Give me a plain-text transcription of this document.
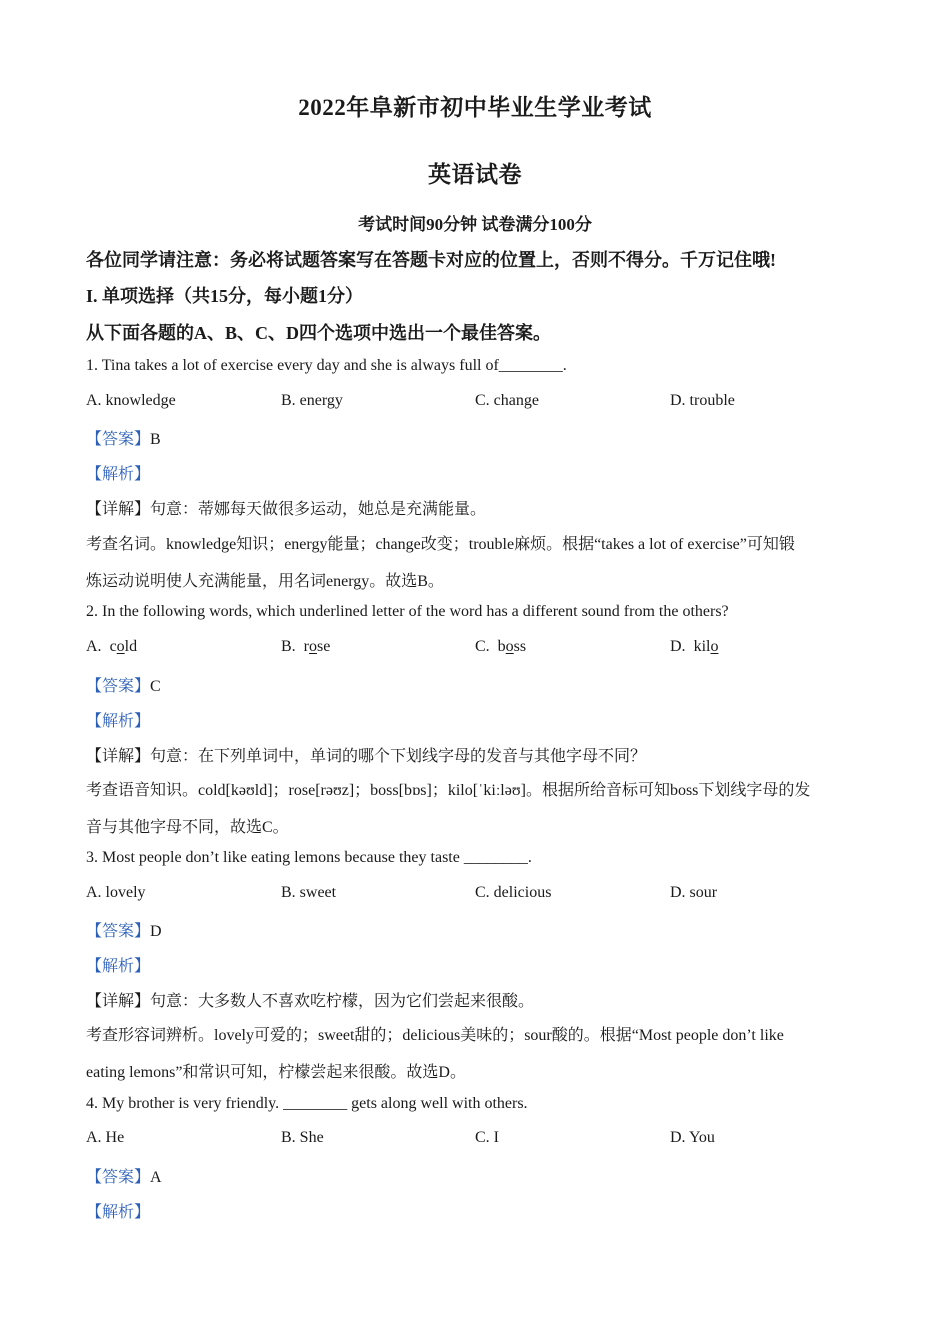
2022年阜新市初中毕业生学业考试
英语试卷
考试时间90分钟 试卷满分100分
各位同学请注意：务必将试题答案写在答题卡对应的位置上，否则不得分。千万记住哦!
I. 单项选择（共15分，每小题1分）
从下面各题的A、B、C、D四个选项中选出一个最佳答案。
1. Tina takes a lot of exercise every day and she is always full of________.
A. knowledge	B. energy	C. change	D. trouble
【答案】B
【解析】
【详解】句意：蒂娜每天做很多运动，她总是充满能量。
考查名词。knowledge知识；energy能量；change改变；trouble麻烦。根据“takes a lot of exercise”可知锻
炼运动说明使人充满能量，用名词energy。故选B。
2. In the following words, which underlined letter of the word has a different sound from the others?
A. cold	B. rose	C. boss	D. kilo
【答案】C
【解析】
【详解】句意：在下列单词中，单词的哪个下划线字母的发音与其他字母不同？
考查语音知识。cold[kəʊld]；rose[rəʊz]；boss[bɒs]；kilo[ˈkiːləʊ]。根据所给音标可知boss下划线字母的发
音与其他字母不同，故选C。
3. Most people don’t like eating lemons because they taste ________.
A. lovely	B. sweet	C. delicious	D. sour
【答案】D
【解析】
【详解】句意：大多数人不喜欢吃柠檬，因为它们尝起来很酸。
考查形容词辨析。lovely可爱的；sweet甜的；delicious美味的；sour酸的。根据“Most people don’t like
eating lemons”和常识可知，柠檬尝起来很酸。故选D。
4. My brother is very friendly. ________ gets along well with others.
A. He	B. She	C. I	D. You
【答案】A
【解析】
